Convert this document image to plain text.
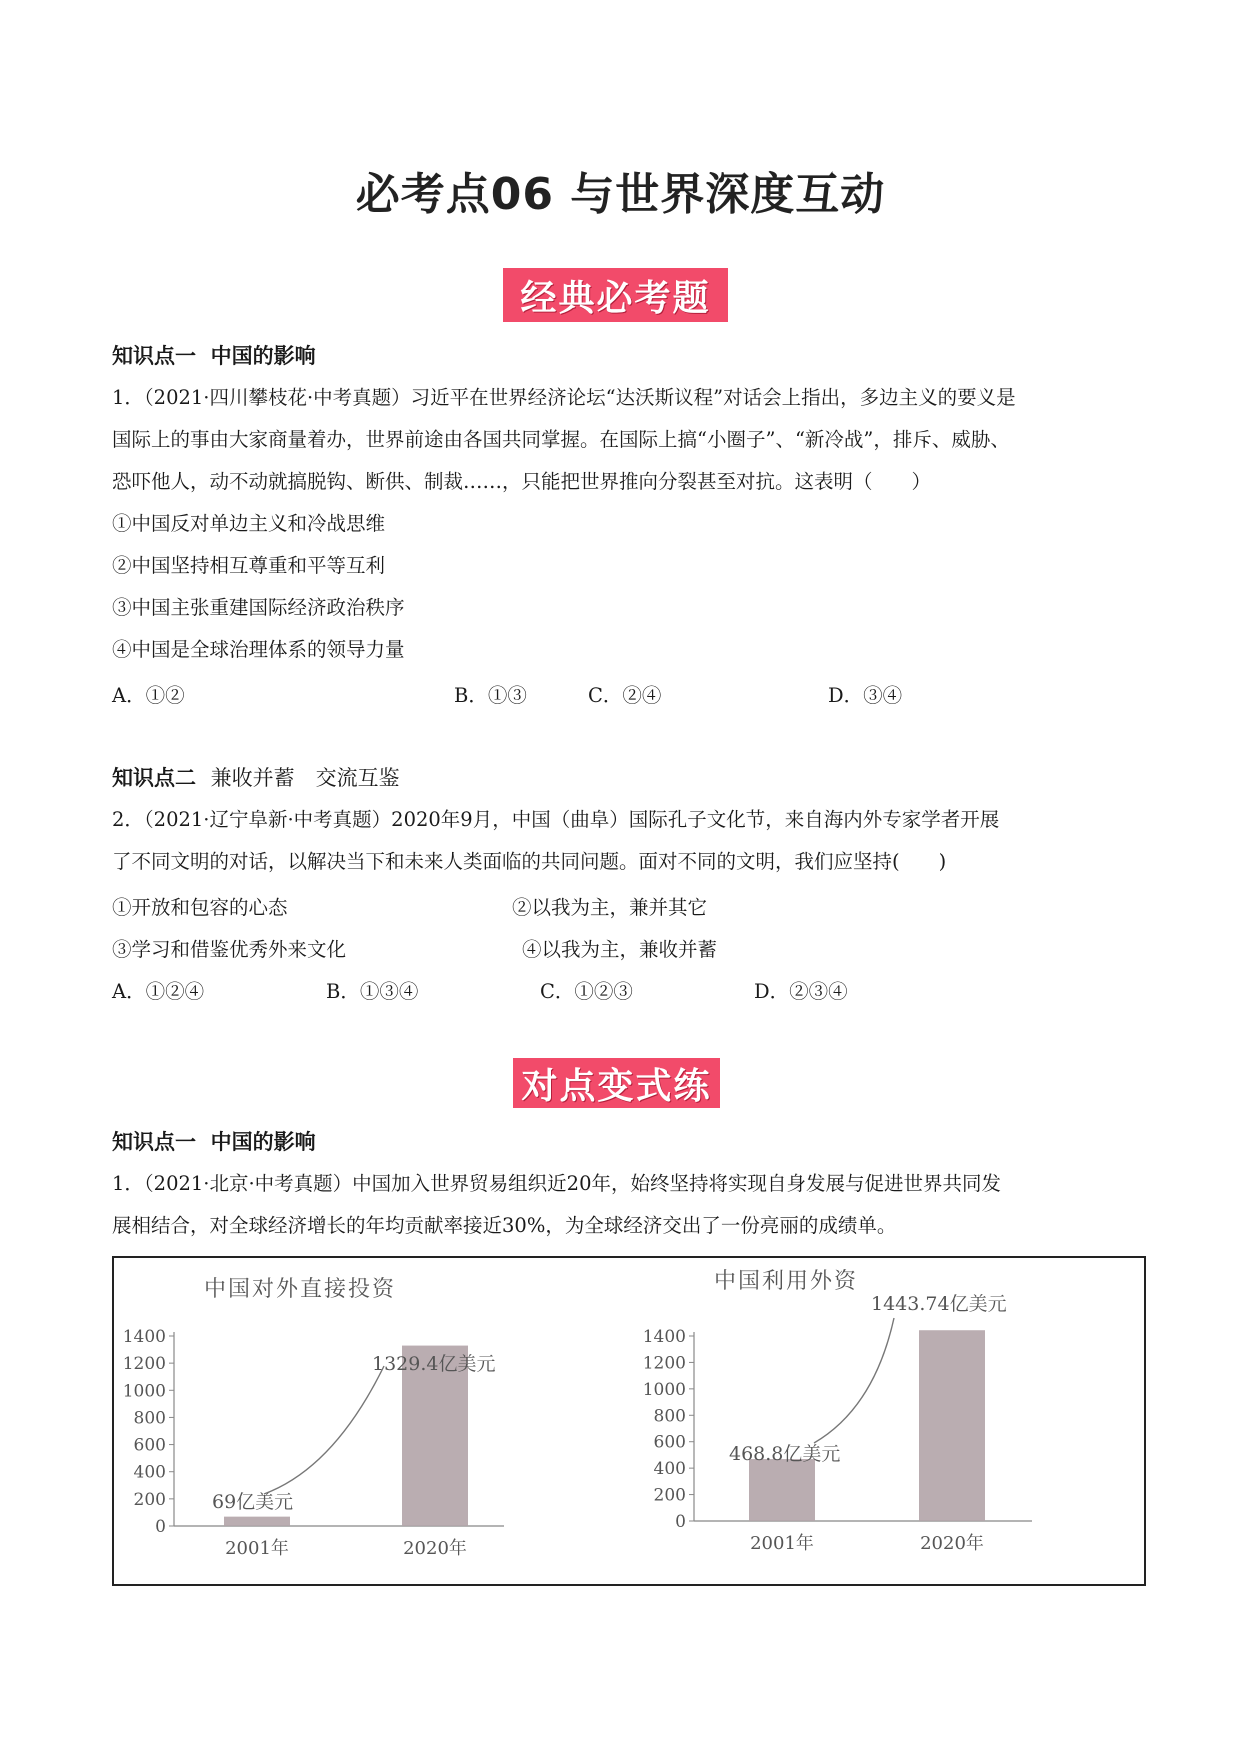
必考点06 与世界深度互动
经典必考题
知识点一 中国的影响
1．（2021·四川攀枝花·中考真题）习近平在世界经济论坛“达沃斯议程”对话会上指出，多边主义的要义是
国际上的事由大家商量着办，世界前途由各国共同掌握。在国际上搞“小圈子”、“新冷战”，排斥、威胁、
恐吓他人，动不动就搞脱钩、断供、制裁……，只能把世界推向分裂甚至对抗。这表明（　　）
①中国反对单边主义和冷战思维
②中国坚持相互尊重和平等互利
③中国主张重建国际经济政治秩序
④中国是全球治理体系的领导力量
A．①②	B．①③	C．②④	D．③④
知识点二 兼收并蓄　交流互鉴
2．（2021·辽宁阜新·中考真题）2020年9月，中国（曲阜）国际孔子文化节，来自海内外专家学者开展
了不同文明的对话，以解决当下和未来人类面临的共同问题。面对不同的文明，我们应坚持(　　)
①开放和包容的心态	②以我为主，兼并其它
③学习和借鉴优秀外来文化	④以我为主，兼收并蓄
A．①②④	B．①③④	C．①②③	D．②③④
对点变式练
知识点一 中国的影响
1．（2021·北京·中考真题）中国加入世界贸易组织近20年，始终坚持将实现自身发展与促进世界共同发
展相结合，对全球经济增长的年均贡献率接近30%，为全球经济交出了一份亮丽的成绩单。
中国对外直接投资
0
200
400
600
800
1000
1200
1400
2001年
69亿美元
2020年
1329.4亿美元
中国利用外资
0
200
400
600
800
1000
1200
1400
2001年
468.8亿美元
2020年
1443.74亿美元
